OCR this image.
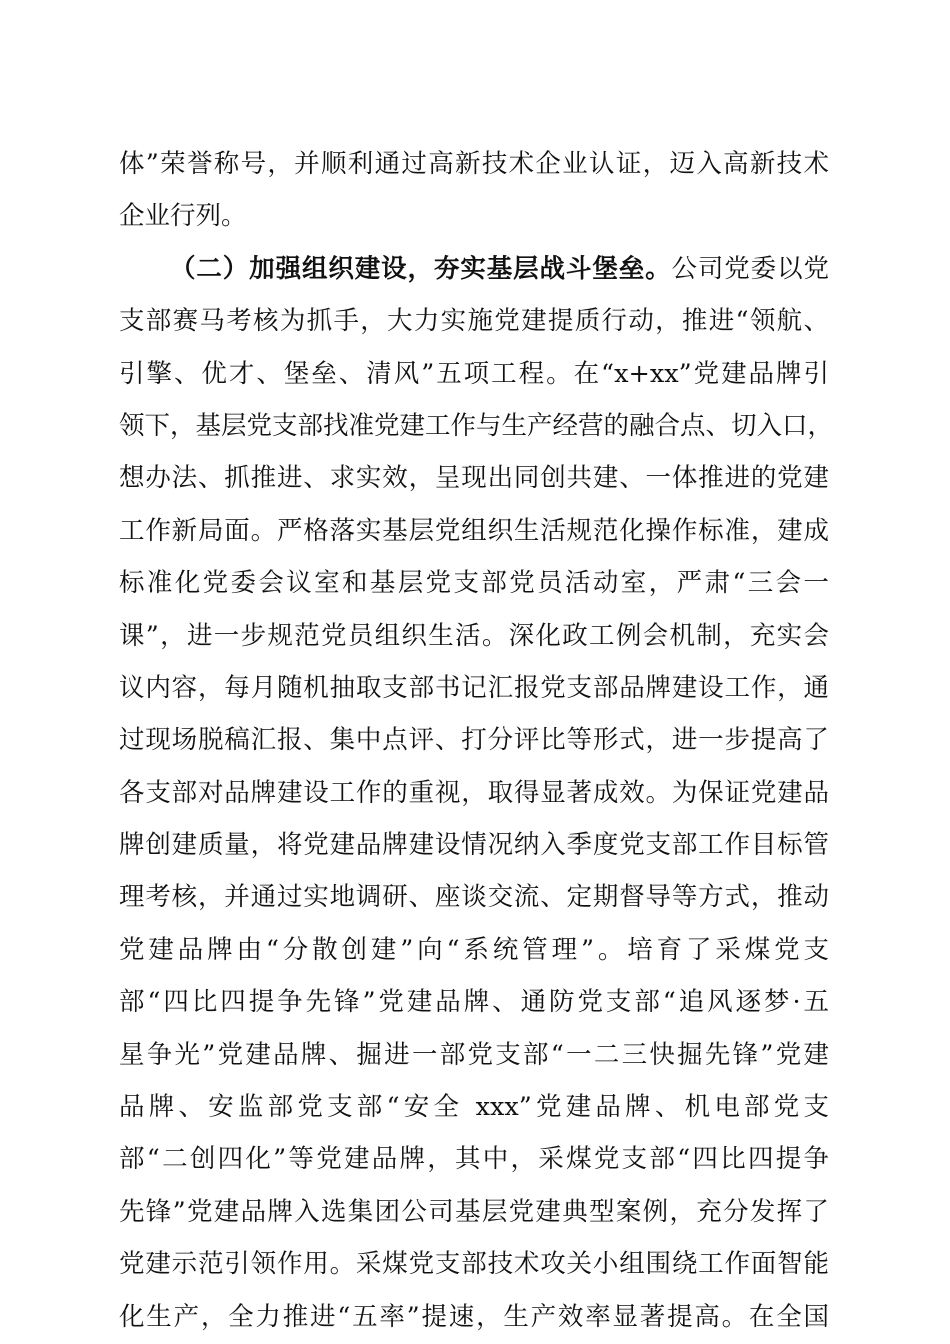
体”荣誉称号，并顺利通过高新技术企业认证，迈入高新技术
企业行列。
（二）加强组织建设，夯实基层战斗堡垒。公司党委以党
支部赛马考核为抓手，大力实施党建提质行动，推进“领航、
引擎、优才、堡垒、清风”五项工程。在“x+xx”党建品牌引
领下，基层党支部找准党建工作与生产经营的融合点、切入口，
想办法、抓推进、求实效，呈现出同创共建、一体推进的党建
工作新局面。严格落实基层党组织生活规范化操作标准，建成
标准化党委会议室和基层党支部党员活动室，严肃“三会一
课”，进一步规范党员组织生活。深化政工例会机制，充实会
议内容，每月随机抽取支部书记汇报党支部品牌建设工作，通
过现场脱稿汇报、集中点评、打分评比等形式，进一步提高了
各支部对品牌建设工作的重视，取得显著成效。为保证党建品
牌创建质量，将党建品牌建设情况纳入季度党支部工作目标管
理考核，并通过实地调研、座谈交流、定期督导等方式，推动
党建品牌由“分散创建”向“系统管理”。培育了采煤党支
部“四比四提争先锋”党建品牌、通防党支部“追风逐梦·五
星争光”党建品牌、掘进一部党支部“一二三快掘先锋”党建
品牌、安监部党支部“安全 xxx”党建品牌、机电部党支
部“二创四化”等党建品牌，其中，采煤党支部“四比四提争
先锋”党建品牌入选集团公司基层党建典型案例，充分发挥了
党建示范引领作用。采煤党支部技术攻关小组围绕工作面智能
化生产，全力推进“五率”提速，生产效率显著提高。在全国
